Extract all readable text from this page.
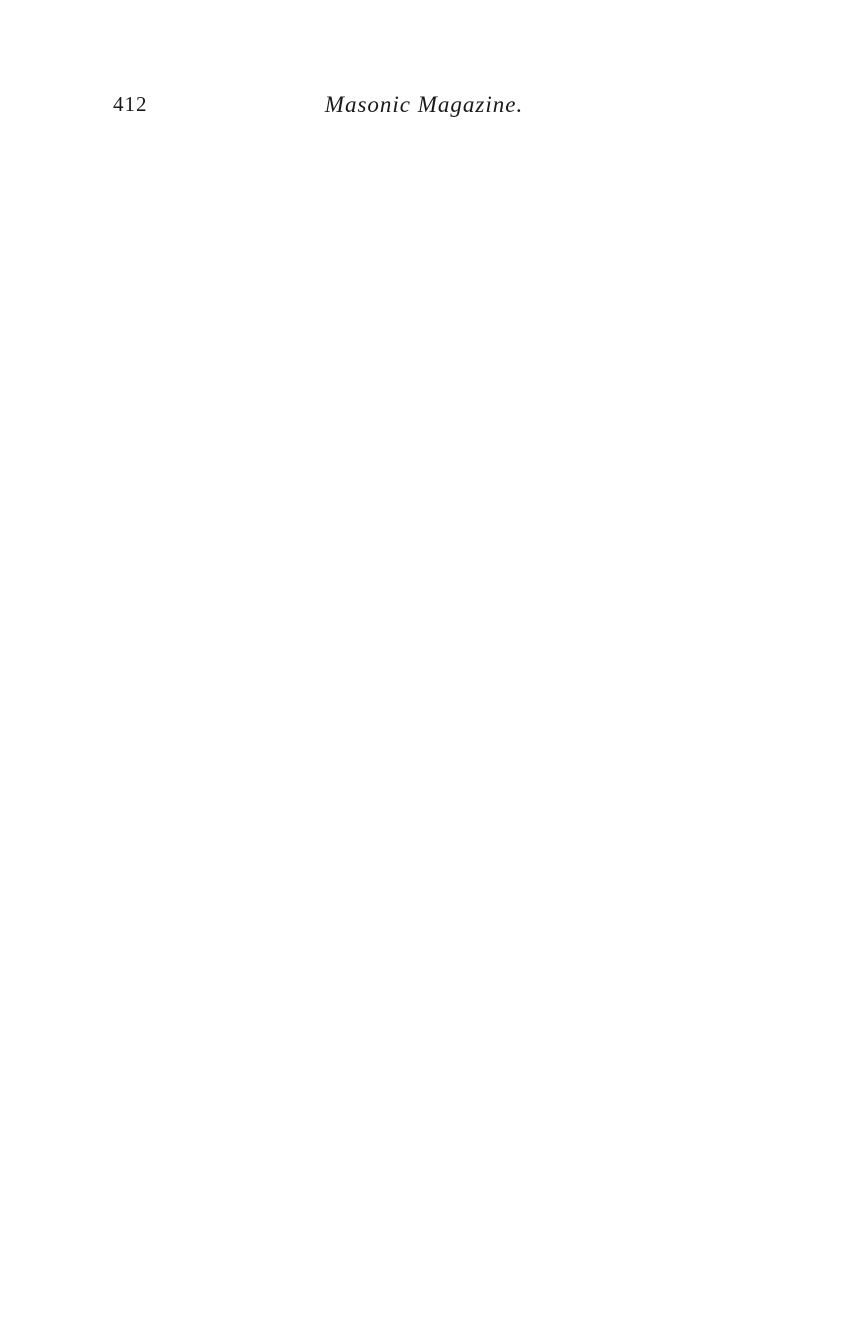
412	Masonic Magazine.
